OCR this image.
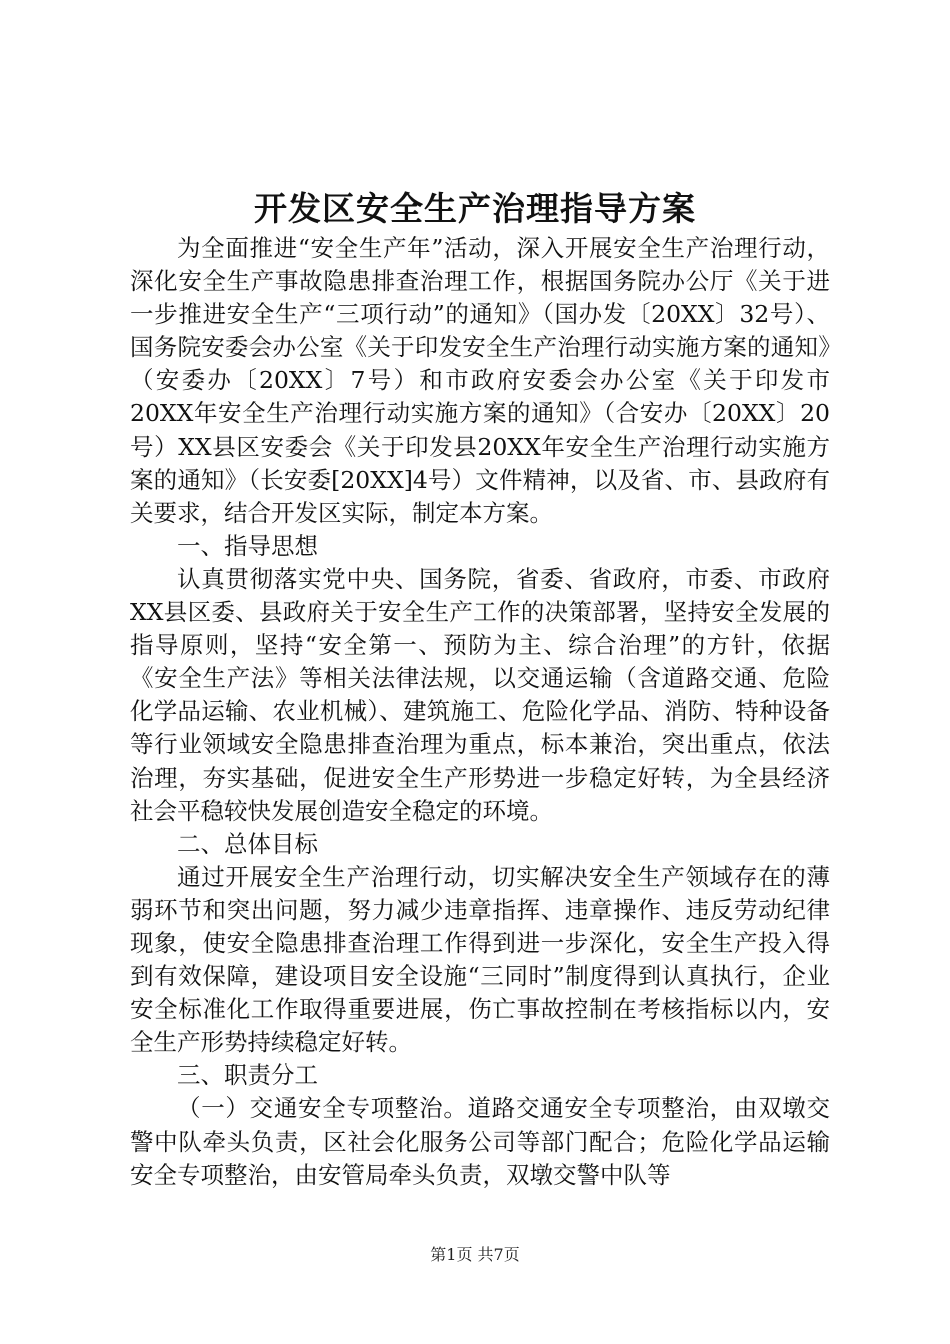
开发区安全生产治理指导方案

为全面推进“安全生产年”活动，深入开展安全生产治理行动，深化安全生产事故隐患排查治理工作，根据国务院办公厅《关于进一步推进安全生产“三项行动”的通知》（国办发〔20XX〕32号）、国务院安委会办公室《关于印发安全生产治理行动实施方案的通知》（安委办〔20XX〕7号）和市政府安委会办公室《关于印发市20XX年安全生产治理行动实施方案的通知》（合安办〔20XX〕20号）XX县区安委会《关于印发县20XX年安全生产治理行动实施方案的通知》（长安委[20XX]4号）文件精神，以及省、市、县政府有关要求，结合开发区实际，制定本方案。

一、指导思想

认真贯彻落实党中央、国务院，省委、省政府，市委、市政府XX县区委、县政府关于安全生产工作的决策部署，坚持安全发展的指导原则，坚持“安全第一、预防为主、综合治理”的方针，依据《安全生产法》等相关法律法规，以交通运输（含道路交通、危险化学品运输、农业机械）、建筑施工、危险化学品、消防、特种设备等行业领域安全隐患排查治理为重点，标本兼治，突出重点，依法治理，夯实基础，促进安全生产形势进一步稳定好转，为全县经济社会平稳较快发展创造安全稳定的环境。

二、总体目标

通过开展安全生产治理行动，切实解决安全生产领域存在的薄弱环节和突出问题，努力减少违章指挥、违章操作、违反劳动纪律现象，使安全隐患排查治理工作得到进一步深化，安全生产投入得到有效保障，建设项目安全设施“三同时”制度得到认真执行，企业安全标准化工作取得重要进展，伤亡事故控制在考核指标以内，安全生产形势持续稳定好转。

三、职责分工

（一）交通安全专项整治。道路交通安全专项整治，由双墩交警中队牵头负责，区社会化服务公司等部门配合；危险化学品运输安全专项整治，由安管局牵头负责，双墩交警中队等

第1页 共7页
